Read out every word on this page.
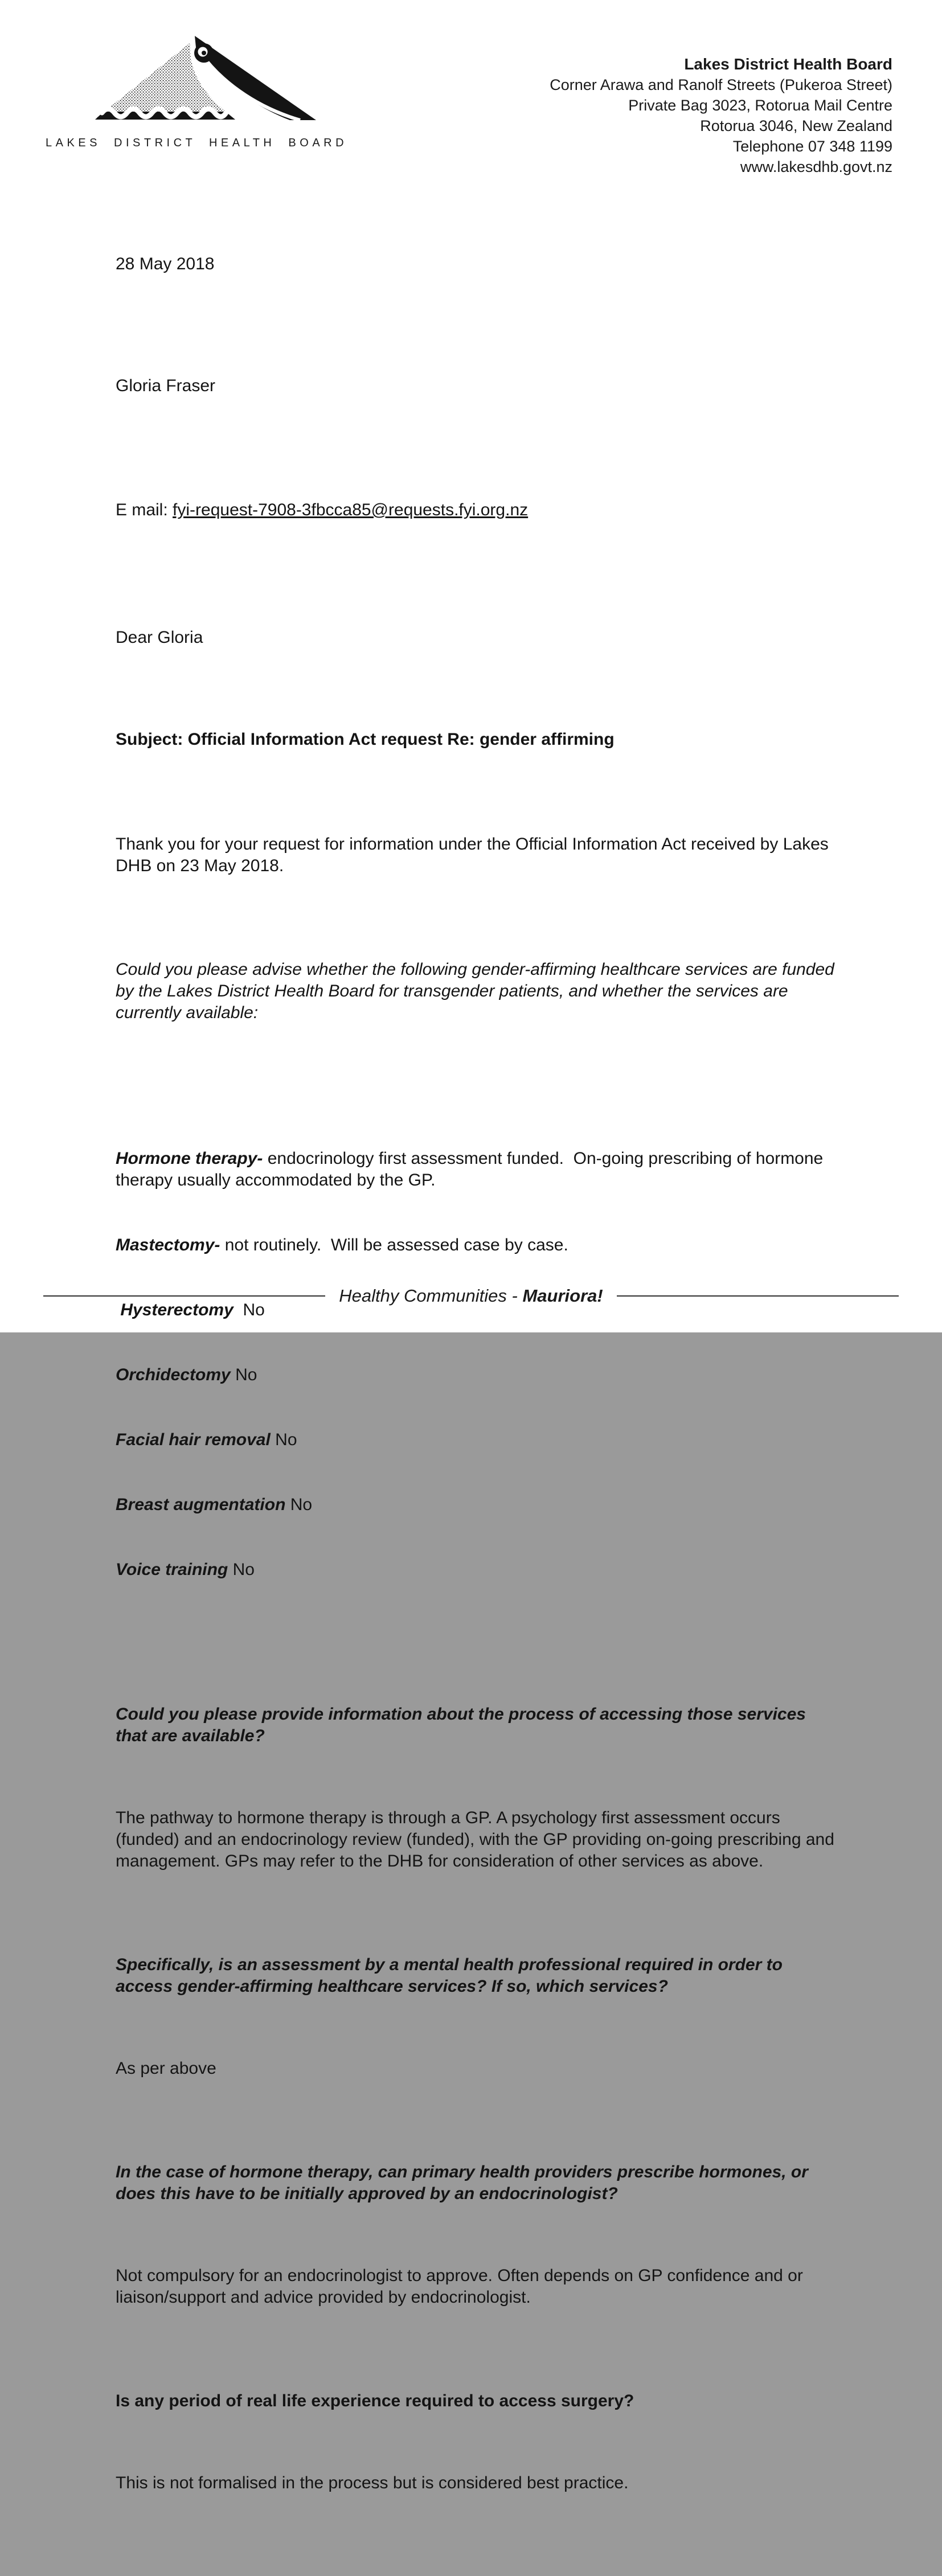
LAKES DISTRICT HEALTH BOARD
Lakes District Health Board
Corner Arawa and Ranolf Streets (Pukeroa Street)
Private Bag 3023, Rotorua Mail Centre
Rotorua 3046, New Zealand
Telephone 07 348 1199
www.lakesdhb.govt.nz

28 May 2018

Gloria Fraser

E mail: fyi-request-7908-3fbcca85@requests.fyi.org.nz

Dear Gloria

Subject: Official Information Act request Re: gender affirming

Thank you for your request for information under the Official Information Act received by Lakes DHB on 23 May 2018.

Could you please advise whether the following gender-affirming healthcare services are funded by the Lakes District Health Board for transgender patients, and whether the services are currently available:

Hormone therapy- endocrinology first assessment funded.  On-going prescribing of hormone therapy usually accommodated by the GP.

Mastectomy- not routinely.  Will be assessed case by case.

Hysterectomy  No

Orchidectomy No

Facial hair removal No

Breast augmentation No

Voice training No

Could you please provide information about the process of accessing those services that are available?

The pathway to hormone therapy is through a GP. A psychology first assessment occurs (funded) and an endocrinology review (funded), with the GP providing on-going prescribing and management. GPs may refer to the DHB for consideration of other services as above.

Specifically, is an assessment by a mental health professional required in order to access gender-affirming healthcare services? If so, which services?

As per above

In the case of hormone therapy, can primary health providers prescribe hormones, or does this have to be initially approved by an endocrinologist?

Not compulsory for an endocrinologist to approve. Often depends on GP confidence and or liaison/support and advice provided by endocrinologist.

Is any period of real life experience required to access surgery?

This is not formalised in the process but is considered best practice.

Healthy Communities - Mauriora!
